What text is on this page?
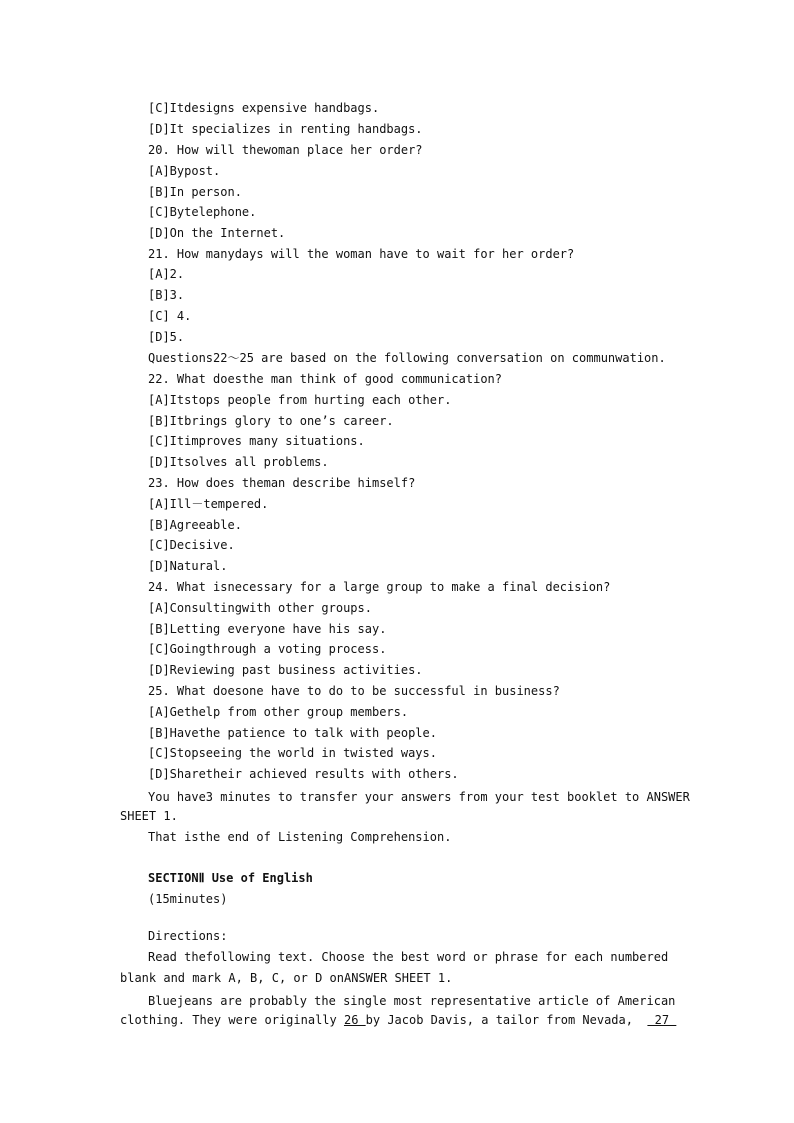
[C]Itdesigns expensive handbags.
[D]It specializes in renting handbags.
20. How will thewoman place her order?
[A]Bypost.
[B]In person.
[C]Bytelephone.
[D]On the Internet.
21. How manydays will the woman have to wait for her order?
[A]2.
[B]3.
[C] 4.
[D]5.
Questions22～25 are based on the following conversation on communwation.
22. What doesthe man think of good communication?
[A]Itstops people from hurting each other.
[B]Itbrings glory to one’s career.
[C]Itimproves many situations.
[D]Itsolves all problems.
23. How does theman describe himself?
[A]Ill－tempered.
[B]Agreeable.
[C]Decisive.
[D]Natural.
24. What isnecessary for a large group to make a final decision?
[A]Consultingwith other groups.
[B]Letting everyone have his say.
[C]Goingthrough a voting process.
[D]Reviewing past business activities.
25. What doesone have to do to be successful in business?
[A]Gethelp from other group members.
[B]Havethe patience to talk with people.
[C]Stopseeing the world in twisted ways.
[D]Sharetheir achieved results with others.
You have3 minutes to transfer your answers from your test booklet to ANSWER
SHEET 1.
That isthe end of Listening Comprehension.
SECTIONⅡ Use of English
(15minutes)
Directions:
Read thefollowing text. Choose the best word or phrase for each numbered
blank and mark A, B, C, or D onANSWER SHEET 1.
Bluejeans are probably the single most representative article of American
clothing. They were originally 26 by Jacob Davis, a tailor from Nevada,   27
